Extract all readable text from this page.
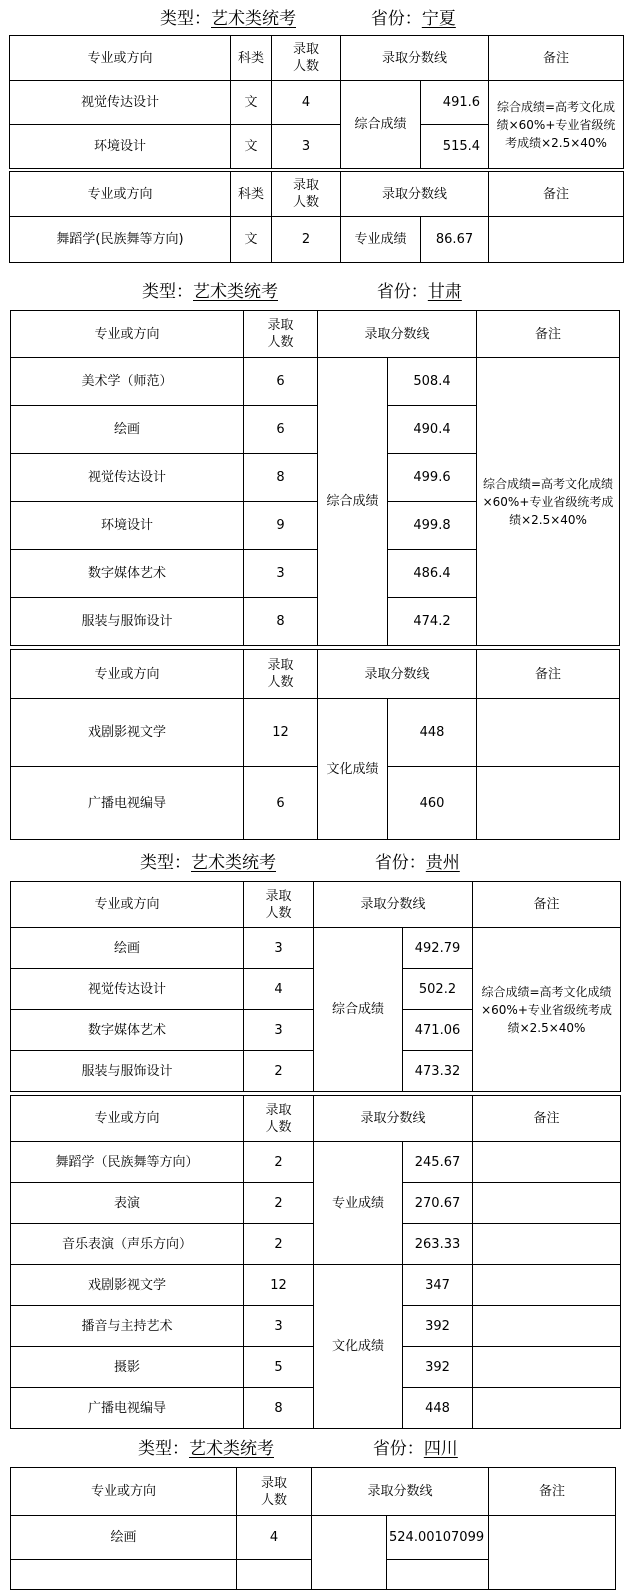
类型：艺术类统考	省份：宁夏
专业或方向	科类	录取人数	录取分数线		备注
视觉传达设计	文	4	综合成绩	491.6	综合成绩=高考文化成绩×60%+专业省级统考成绩×2.5×40%
环境设计	文	3		515.4	
专业或方向	科类	录取人数	录取分数线		备注
舞蹈学(民族舞等方向)	文	2	专业成绩	86.67	
类型：艺术类统考	省份：甘肃
专业或方向	录取人数	录取分数线		备注
美术学（师范）	6	综合成绩	508.4	综合成绩=高考文化成绩×60%+专业省级统考成绩×2.5×40%
绘画	6		490.4	
视觉传达设计	8		499.6	
环境设计	9		499.8	
数字媒体艺术	3		486.4	
服装与服饰设计	8		474.2	
专业或方向	录取人数	录取分数线		备注
戏剧影视文学	12	文化成绩	448	
广播电视编导	6		460	
类型：艺术类统考	省份：贵州
专业或方向	录取人数	录取分数线		备注
绘画	3	综合成绩	492.79	综合成绩=高考文化成绩×60%+专业省级统考成绩×2.5×40%
视觉传达设计	4		502.2	
数字媒体艺术	3		471.06	
服装与服饰设计	2		473.32	
专业或方向	录取人数	录取分数线		备注
舞蹈学（民族舞等方向）	2	专业成绩	245.67	
表演	2		270.67	
音乐表演（声乐方向）	2		263.33	
戏剧影视文学	12	文化成绩	347	
播音与主持艺术	3		392	
摄影	5		392	
广播电视编导	8		448	
类型：艺术类统考	省份：四川
专业或方向	录取人数	录取分数线		备注
绘画	4		524.00107099	
